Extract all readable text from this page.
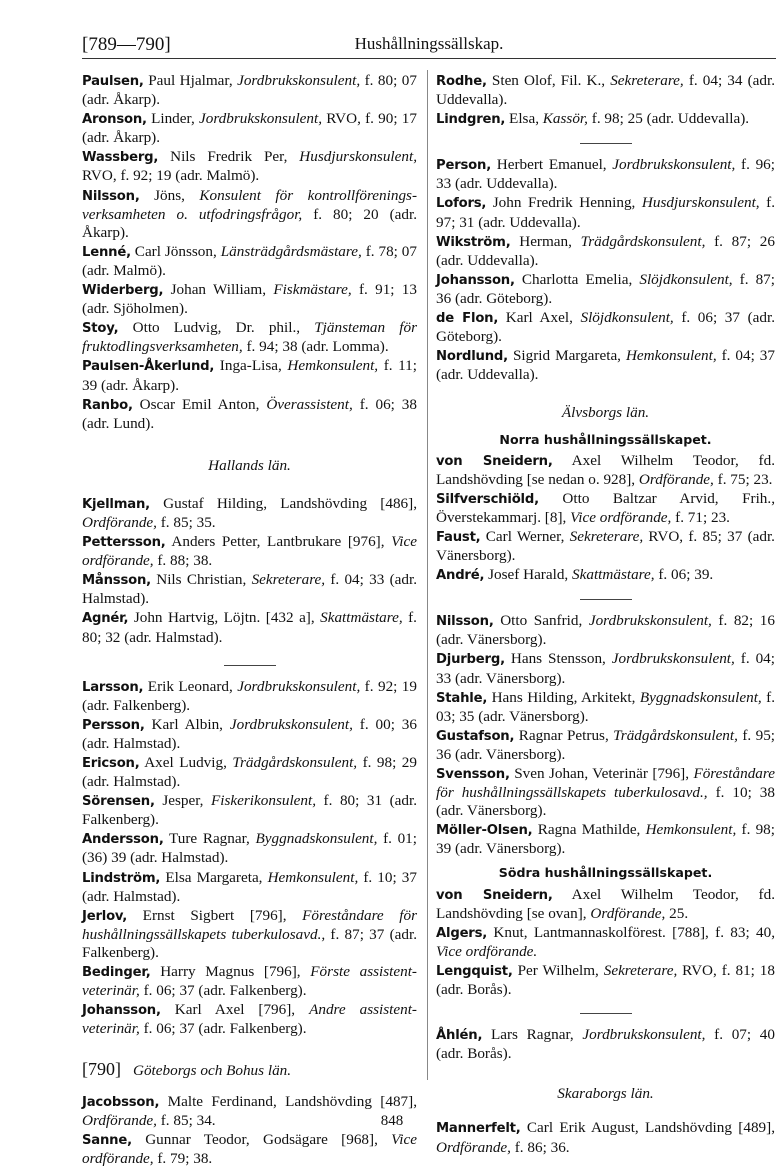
[789—790]	Hushållningssällskap.

Paulsen, Paul Hjalmar, Jordbrukskonsulent, f. 80; 07 (adr. Åkarp).

Aronson, Linder, Jordbrukskonsulent, RVO, f. 90; 17 (adr. Åkarp).

Wassberg, Nils Fredrik Per, Husdjurskonsulent, RVO, f. 92; 19 (adr. Malmö).

Nilsson, Jöns, Konsulent för kontrollförenings-verksamheten o. utfodringsfrågor, f. 80; 20 (adr. Åkarp).

Lenné, Carl Jönsson, Länsträdgårdsmästare, f. 78; 07 (adr. Malmö).

Widerberg, Johan William, Fiskmästare, f. 91; 13 (adr. Sjöholmen).

Stoy, Otto Ludvig, Dr. phil., Tjänsteman för fruktodlingsverksamheten, f. 94; 38 (adr. Lomma).

Paulsen-Åkerlund, Inga-Lisa, Hemkonsulent, f. 11; 39 (adr. Åkarp).

Ranbo, Oscar Emil Anton, Överassistent, f. 06; 38 (adr. Lund).

Hallands län.

Kjellman, Gustaf Hilding, Landshövding [486], Ordförande, f. 85; 35.

Pettersson, Anders Petter, Lantbrukare [976], Vice ordförande, f. 88; 38.

Månsson, Nils Christian, Sekreterare, f. 04; 33 (adr. Halmstad).

Agnér, John Hartvig, Löjtn. [432 a], Skattmästare, f. 80; 32 (adr. Halmstad).

Larsson, Erik Leonard, Jordbrukskonsulent, f. 92; 19 (adr. Falkenberg).

Persson, Karl Albin, Jordbrukskonsulent, f. 00; 36 (adr. Halmstad).

Ericson, Axel Ludvig, Trädgårdskonsulent, f. 98; 29 (adr. Halmstad).

Sörensen, Jesper, Fiskerikonsulent, f. 80; 31 (adr. Falkenberg).

Andersson, Ture Ragnar, Byggnadskonsulent, f. 01; (36) 39 (adr. Halmstad).

Lindström, Elsa Margareta, Hemkonsulent, f. 10; 37 (adr. Halmstad).

Jerlov, Ernst Sigbert [796], Föreståndare för hushållningssällskapets tuberkulosavd., f. 87; 37 (adr. Falkenberg).

Bedinger, Harry Magnus [796], Förste assistent-veterinär, f. 06; 37 (adr. Falkenberg).

Johansson, Karl Axel [796], Andre assistent-veterinär, f. 06; 37 (adr. Falkenberg).

[790] Göteborgs och Bohus län.

Jacobsson, Malte Ferdinand, Landshövding [487], Ordförande, f. 85; 34.

Sanne, Gunnar Teodor, Godsägare [968], Vice ordförande, f. 79; 38.

Rodhe, Sten Olof, Fil. K., Sekreterare, f. 04; 34 (adr. Uddevalla).

Lindgren, Elsa, Kassör, f. 98; 25 (adr. Uddevalla).

Person, Herbert Emanuel, Jordbrukskonsulent, f. 96; 33 (adr. Uddevalla).

Lofors, John Fredrik Henning, Husdjurskonsulent, f. 97; 31 (adr. Uddevalla).

Wikström, Herman, Trädgårdskonsulent, f. 87; 26 (adr. Uddevalla).

Johansson, Charlotta Emelia, Slöjdkonsulent, f. 87; 36 (adr. Göteborg).

de Flon, Karl Axel, Slöjdkonsulent, f. 06; 37 (adr. Göteborg).

Nordlund, Sigrid Margareta, Hemkonsulent, f. 04; 37 (adr. Uddevalla).

Älvsborgs län.
Norra hushållningssällskapet.

von Sneidern, Axel Wilhelm Teodor, fd. Landshövding [se nedan o. 928], Ordförande, f. 75; 23.

Silfverschiöld, Otto Baltzar Arvid, Frih., Överstekammarj. [8], Vice ordförande, f. 71; 23.

Faust, Carl Werner, Sekreterare, RVO, f. 85; 37 (adr. Vänersborg).

André, Josef Harald, Skattmästare, f. 06; 39.

Nilsson, Otto Sanfrid, Jordbrukskonsulent, f. 82; 16 (adr. Vänersborg).

Djurberg, Hans Stensson, Jordbrukskonsulent, f. 04; 33 (adr. Vänersborg).

Stahle, Hans Hilding, Arkitekt, Byggnadskonsulent, f. 03; 35 (adr. Vänersborg).

Gustafson, Ragnar Petrus, Trädgårdskonsulent, f. 95; 36 (adr. Vänersborg).

Svensson, Sven Johan, Veterinär [796], Föreståndare för hushållningssällskapets tuberkulosavd., f. 10; 38 (adr. Vänersborg).

Möller-Olsen, Ragna Mathilde, Hemkonsulent, f. 98; 39 (adr. Vänersborg).

Södra hushållningssällskapet.

von Sneidern, Axel Wilhelm Teodor, fd. Landshövding [se ovan], Ordförande, 25.

Algers, Knut, Lantmannaskolförest. [788], f. 83; 40, Vice ordförande.

Lengquist, Per Wilhelm, Sekreterare, RVO, f. 81; 18 (adr. Borås).

Åhlén, Lars Ragnar, Jordbrukskonsulent, f. 07; 40 (adr. Borås).

Skaraborgs län.

Mannerfelt, Carl Erik August, Landshövding [489], Ordförande, f. 86; 36.

848
